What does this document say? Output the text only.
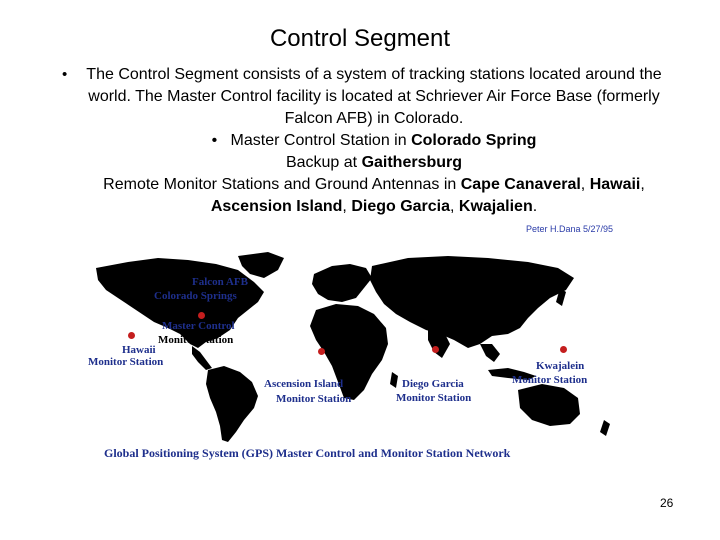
Control Segment
• The Control Segment consists of a system of tracking stations located around the world. The Master Control facility is located at Schriever Air Force Base (formerly Falcon AFB) in Colorado.

• Master Control Station in Colorado Spring

Backup at Gaithersburg

Remote Monitor Stations and Ground Antennas in Cape Canaveral, Hawaii, Ascension Island, Diego Garcia, Kwajalien.

Peter H.Dana 5/27/95
Falcon AFB
Colorado Springs
Master Control
Monitor Station
Hawaii
Monitor Station
Ascension Island
Monitor Station
Diego Garcia
Monitor Station
Kwajalein
Monitor Station
Global Positioning System (GPS) Master Control and Monitor Station Network
26
